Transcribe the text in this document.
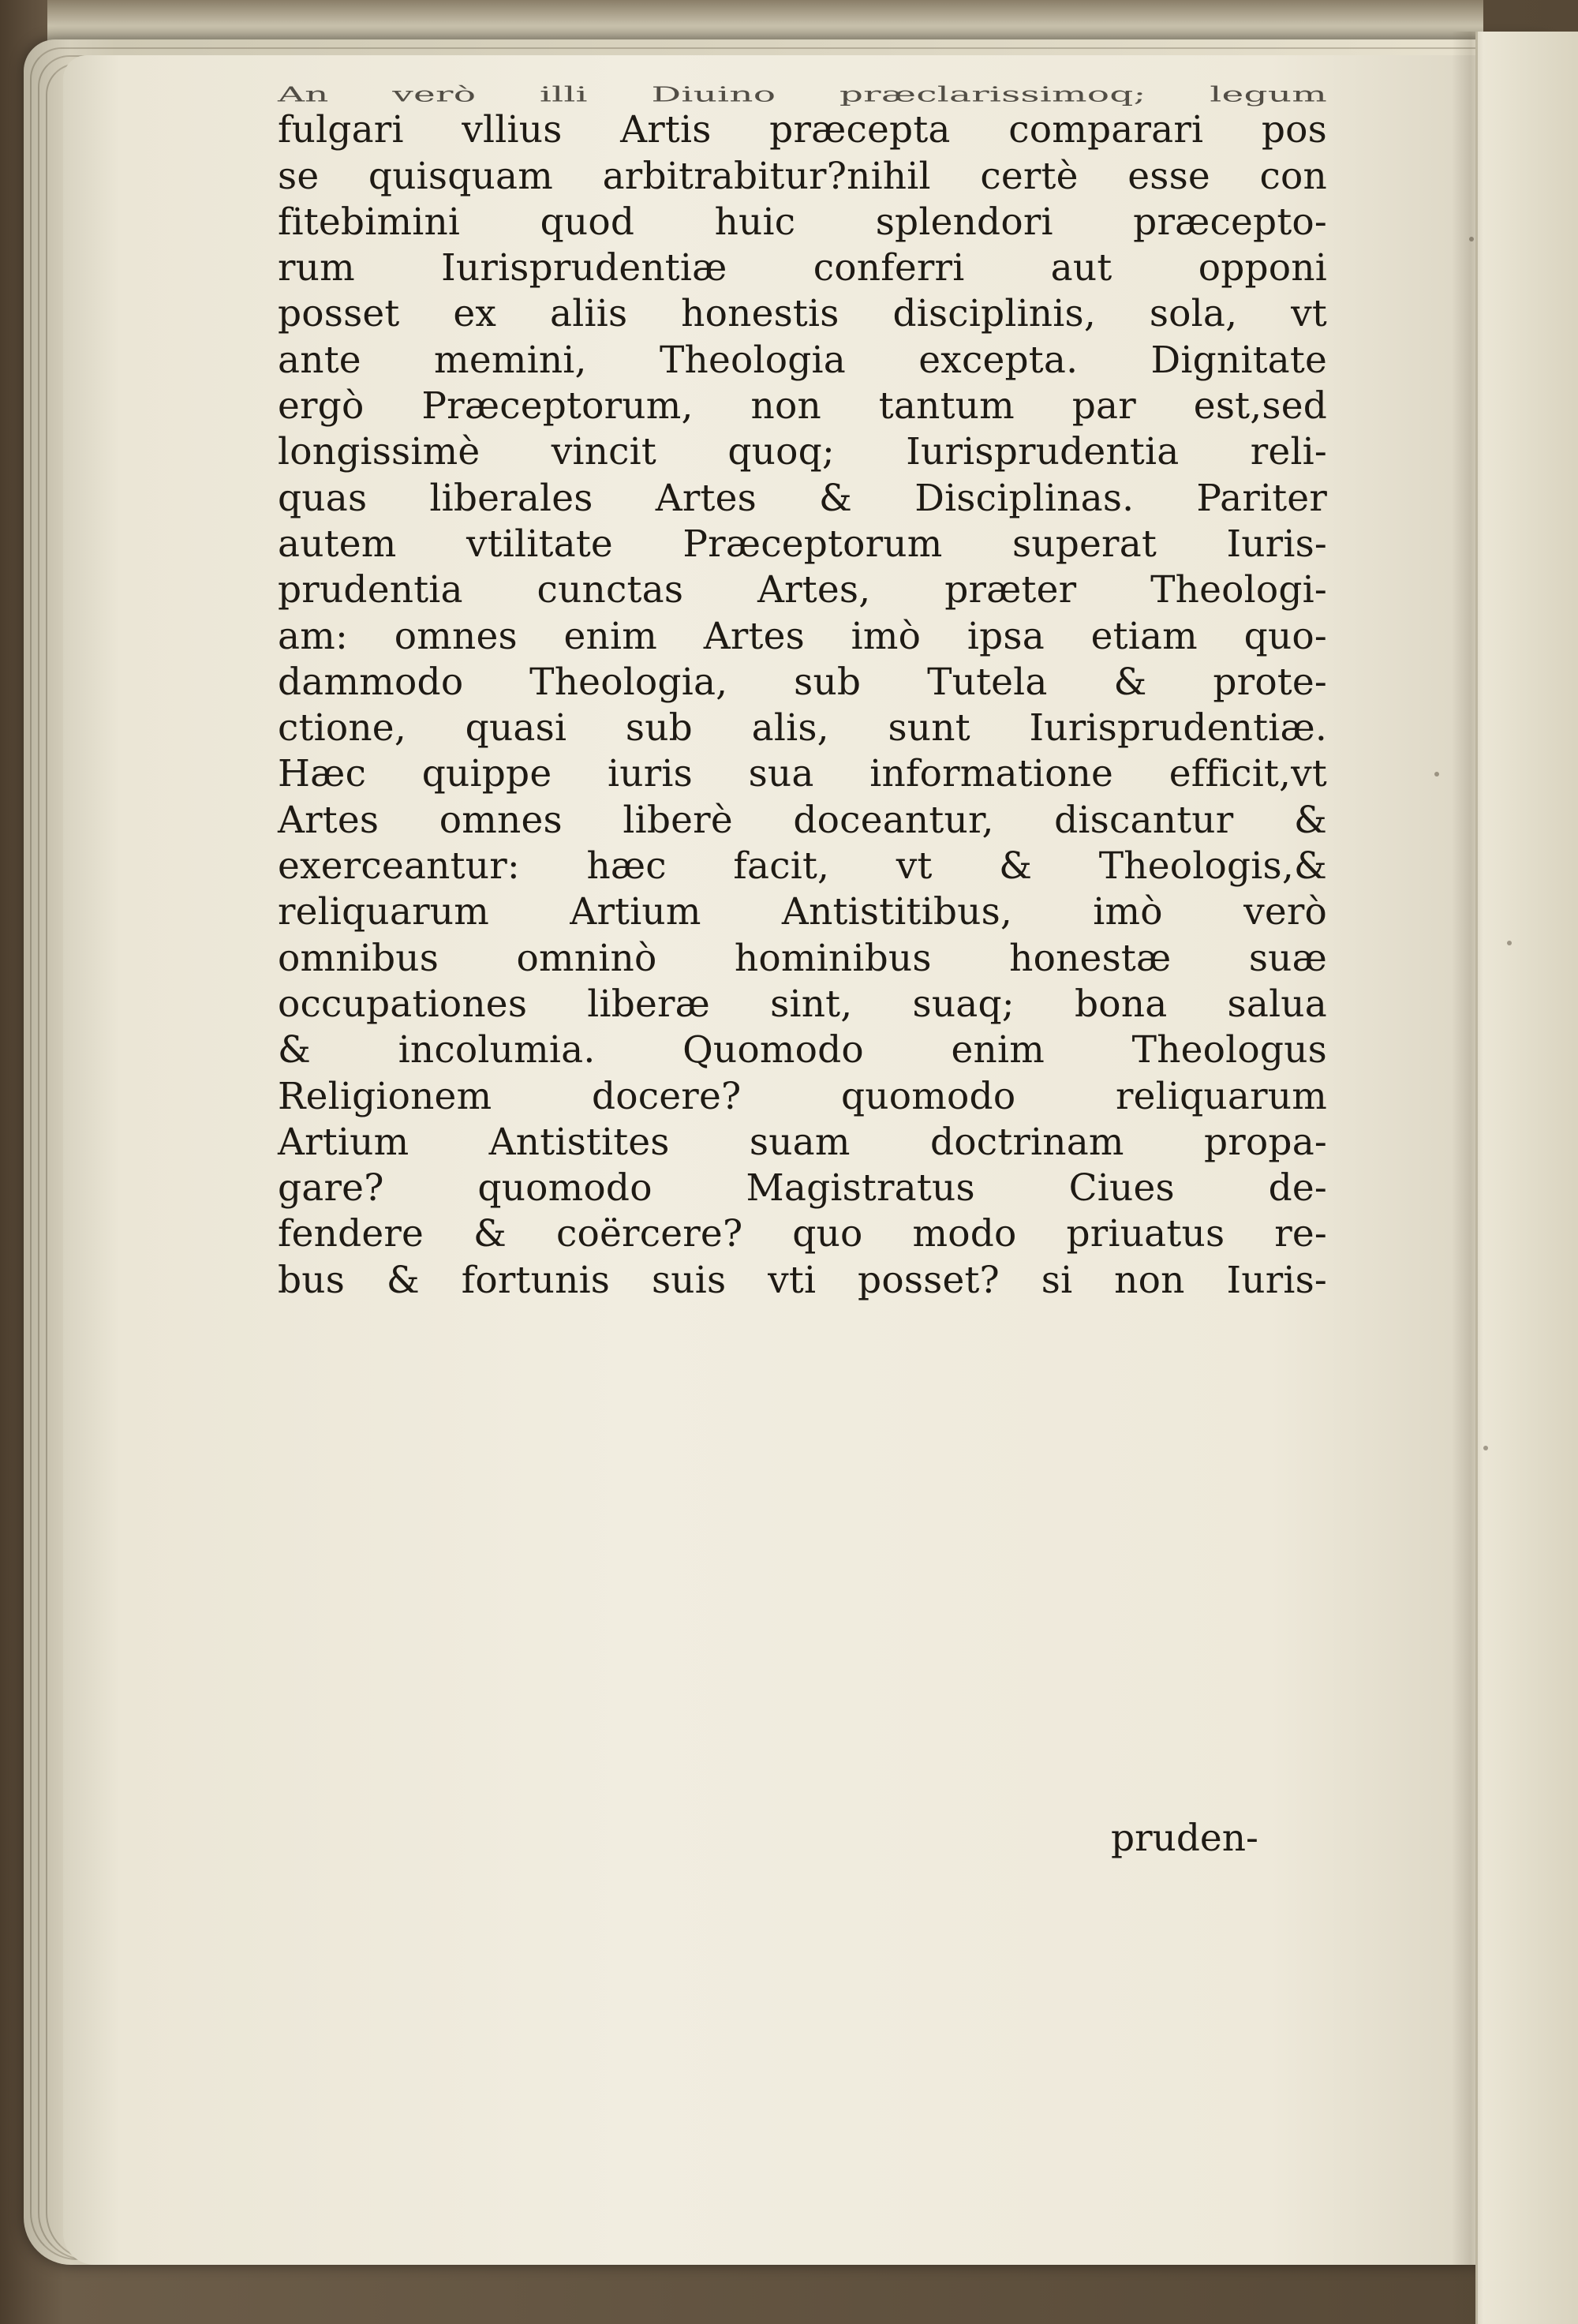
An verò illi Diuino præclarissimoq; legum
fulgari vllius Artis præcepta comparari pos
se quisquam arbitrabitur?nihil certè esse con
fitebimini quod huic splendori præcepto-
rum Iurisprudentiæ conferri aut opponi
posset ex aliis honestis disciplinis, sola, vt
ante memini, Theologia excepta. Dignitate
ergò Præceptorum, non tantum par est,sed
longissimè vincit quoq; Iurisprudentia reli-
quas liberales Artes & Disciplinas. Pariter
autem vtilitate Præceptorum superat Iuris-
prudentia cunctas Artes, præter Theologi-
am: omnes enim Artes imò ipsa etiam quo-
dammodo Theologia, sub Tutela & prote-
ctione, quasi sub alis, sunt Iurisprudentiæ.
Hæc quippe iuris sua informatione efficit,vt
Artes omnes liberè doceantur, discantur &
exerceantur: hæc facit, vt & Theologis,&
reliquarum Artium Antistitibus, imò verò
omnibus omninò hominibus honestæ suæ
occupationes liberæ sint, suaq; bona salua
& incolumia. Quomodo enim Theologus
Religionem docere? quomodo reliquarum
Artium Antistites suam doctrinam propa-
gare? quomodo Magistratus Ciues de-
fendere & coërcere? quo modo priuatus re-
bus & fortunis suis vti posset? si non Iuris-
pruden-
